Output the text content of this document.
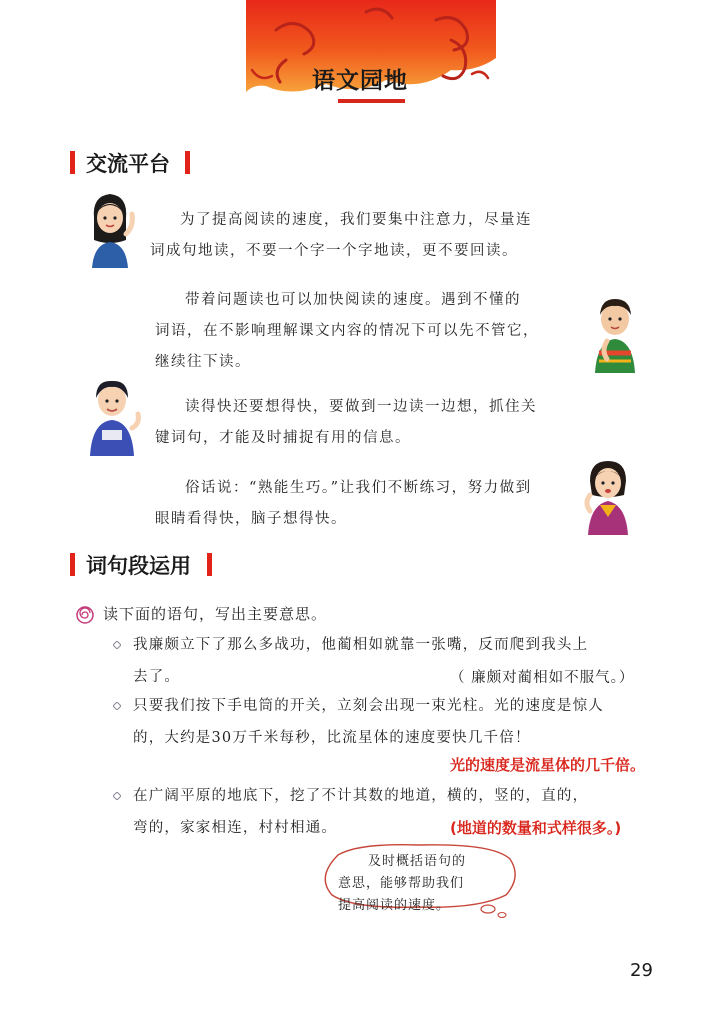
语文园地
交流平台

为了提高阅读的速度，我们要集中注意力，尽量连

词成句地读，不要一个字一个字地读，更不要回读。

带着问题读也可以加快阅读的速度。遇到不懂的

词语，在不影响理解课文内容的情况下可以先不管它，

继续往下读。

读得快还要想得快，要做到一边读一边想，抓住关

键词句，才能及时捕捉有用的信息。

俗话说：“熟能生巧。”让我们不断练习，努力做到

眼睛看得快，脑子想得快。

词句段运用
读下面的语句，写出主要意思。

我廉颇立下了那么多战功，他蔺相如就靠一张嘴，反而爬到我头上

去了。	（ 廉颇对蔺相如不服气。）

只要我们按下手电筒的开关，立刻会出现一束光柱。光的速度是惊人

的，大约是30万千米每秒，比流星体的速度要快几千倍！

光的速度是流星体的几千倍。

在广阔平原的地底下，挖了不计其数的地道，横的，竖的，直的，

弯的，家家相连，村村相通。	(地道的数量和式样很多。)
及时概括语句的
意思，能够帮助我们
提高阅读的速度。
29
